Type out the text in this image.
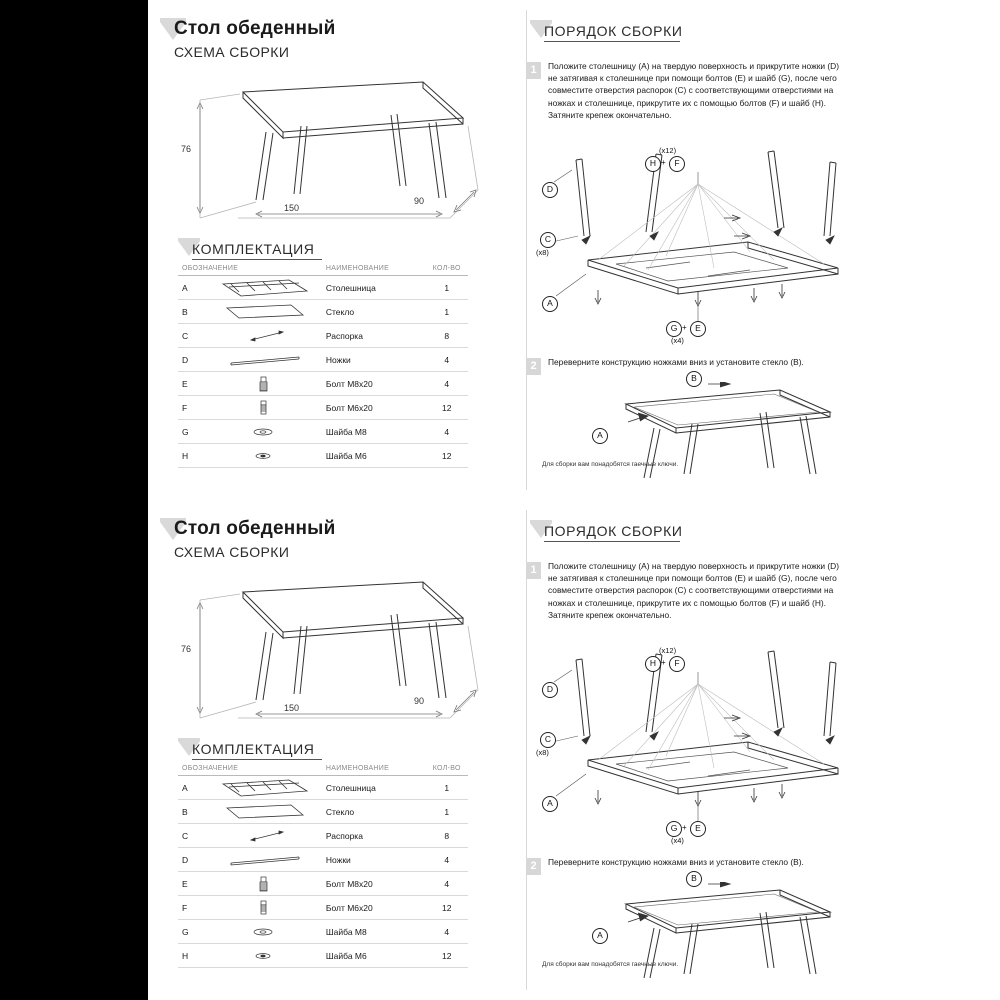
Стол обеденный
СХЕМА СБОРКИ
76
150
90
КОМПЛЕКТАЦИЯ
ОБОЗНАЧЕНИЕ		НАИМЕНОВАНИЕ	КОЛ-ВО
A		Столешница	1
B		Стекло	1
C		Распорка	8
D		Ножки	4
E		Болт M8x20	4
F		Болт M6x20	12
G		Шайба M8	4
H		Шайба M6	12
ПОРЯДОК СБОРКИ
1	Положите столешницу (A) на твердую поверхность и прикрутите ножки (D) не затягивая к столешнице при помощи болтов (E) и шайб (G), после чего совместите отверстия распорок (C) с соответствующими отверстиями на ножках и столешнице, прикрутите их с помощью болтов (F) и шайб (H). Затяните крепеж окончательно.
D
C
(x8)
A
(x12)
H +	F
G + E
(x4)
2	Переверните конструкцию ножками вниз и установите стекло (B).
B
A
Для сборки вам понадобятся гаечные ключи.
Стол обеденный
СХЕМА СБОРКИ
76
150
90
КОМПЛЕКТАЦИЯ
ОБОЗНАЧЕНИЕ		НАИМЕНОВАНИЕ	КОЛ-ВО
A		Столешница	1
B		Стекло	1
C		Распорка	8
D		Ножки	4
E		Болт M8x20	4
F		Болт M6x20	12
G		Шайба M8	4
H		Шайба M6	12
ПОРЯДОК СБОРКИ
1	Положите столешницу (A) на твердую поверхность и прикрутите ножки (D) не затягивая к столешнице при помощи болтов (E) и шайб (G), после чего совместите отверстия распорок (C) с соответствующими отверстиями на ножках и столешнице, прикрутите их с помощью болтов (F) и шайб (H). Затяните крепеж окончательно.
D
C
(x8)
A
(x12)
H +	F
G + E
(x4)
2	Переверните конструкцию ножками вниз и установите стекло (B).
B
A
Для сборки вам понадобятся гаечные ключи.
